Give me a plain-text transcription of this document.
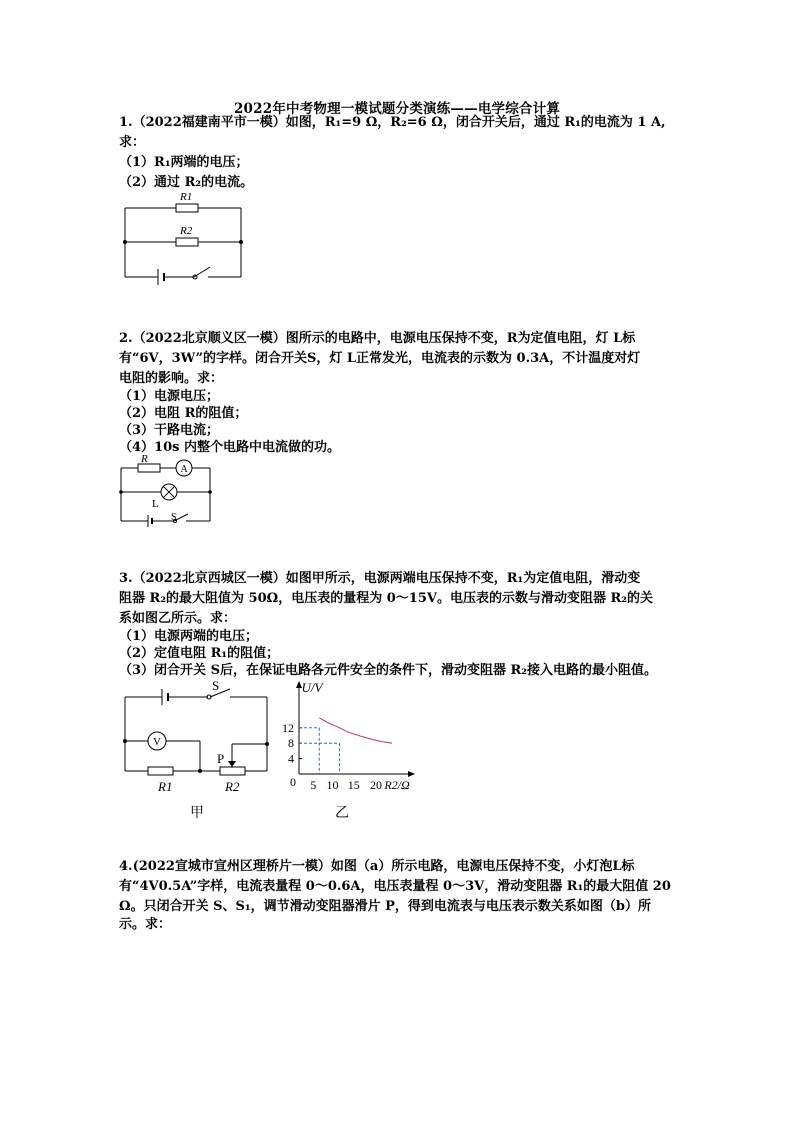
2022年中考物理一模试题分类演练——电学综合计算
1.（2022福建南平市一模）如图，R₁=9 Ω，R₂=6 Ω，闭合开关后，通过 R₁的电流为 1 A,
求：
（1）R₁两端的电压；
（2）通过 R₂的电流。
R1
R2
2.（2022北京顺义区一模）图所示的电路中，电源电压保持不变，R为定值电阻，灯 L标
有“6V，3W”的字样。闭合开关S，灯 L正常发光，电流表的示数为 0.3A，不计温度对灯
电阻的影响。求：
（1）电源电压；
（2）电阻 R的阻值；
（3）干路电流；
（4）10s 内整个电路中电流做的功。
R
A
L
S
3.（2022北京西城区一模）如图甲所示，电源两端电压保持不变，R₁为定值电阻，滑动变
阻器 R₂的最大阻值为 50Ω，电压表的量程为 0～15V。电压表的示数与滑动变阻器 R₂的关
系如图乙所示。求：
（1）电源两端的电压；
（2）定值电阻 R₁的阻值；
（3）闭合开关 S后，在保证电路各元件安全的条件下，滑动变阻器 R₂接入电路的最小阻值。
S
V
P
R1	R2
甲
U/V
R2/Ω
12
8
4
0 5 10 15 20
乙
4.(2022宣城市宣州区理桥片一模）如图（a）所示电路，电源电压保持不变，小灯泡L标
有“4V0.5A”字样，电流表量程 0～0.6A，电压表量程 0～3V，滑动变阻器 R₁的最大阻值 20
Ω。只闭合开关 S、S₁，调节滑动变阻器滑片 P，得到电流表与电压表示数关系如图（b）所
示。求：
